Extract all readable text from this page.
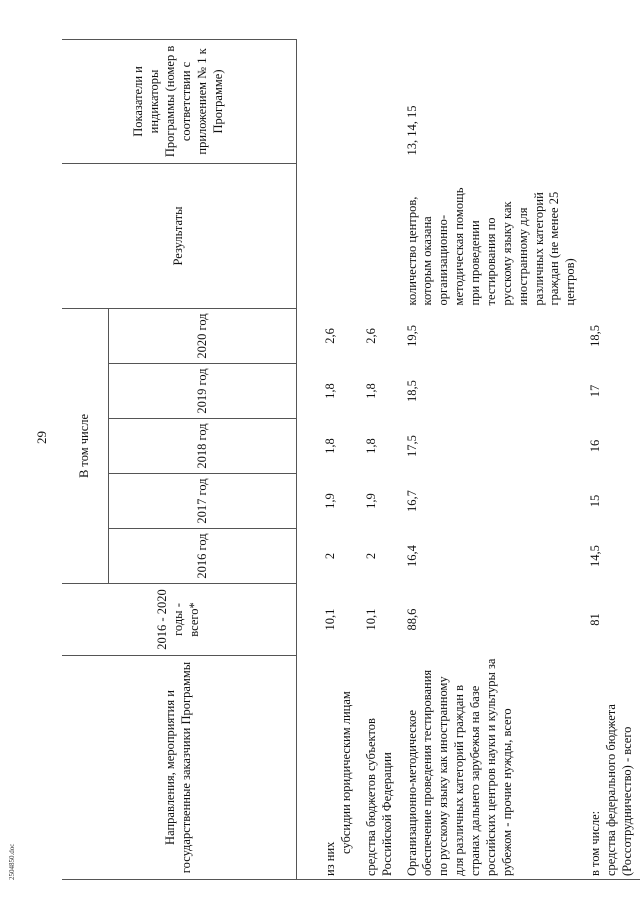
29
2504850.doc
Направления, мероприятия и государственные заказчики Программы	2016 - 2020 годы - всего*	В том числе					Результаты	Показатели и индикаторы Программы (номер в соответствии с приложением № 1 к Программе)
		2016 год	2017 год	2018 год	2019 год	2020 год		

из них
субсидии юридическим лицам	10,1	2	1,9	1,8	1,8	2,6		
средства бюджетов субъектов Российской Федерации	10,1	2	1,9	1,8	1,8	2,6		
Организационно-методическое обеспечение проведения тестирования по русскому языку как иностранному для различных категорий граждан в странах дальнего зарубежья на базе российских центров науки и культуры за рубежом - прочие нужды, всего	88,6	16,4	16,7	17,5	18,5	19,5	количество центров, которым оказана организационно-методическая помощь при проведении тестирования по русскому языку как иностранному для различных категорий граждан (не менее 25 центров)	13, 14, 15
в том числе: средства федерального бюджета (Россотрудничество) - всего	81	14,5	15	16	17	18,5		
